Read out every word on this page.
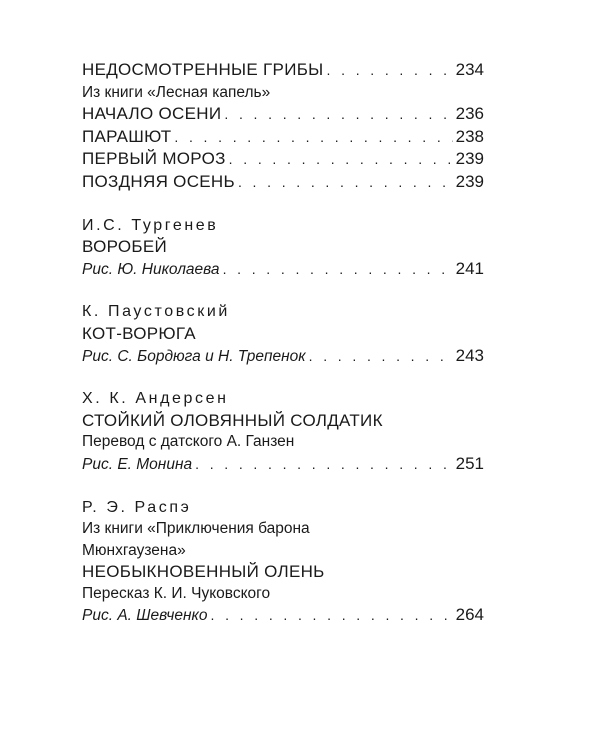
НЕДОСМОТРЕННЫЕ ГРИБЫ . . .	234
Из книги «Лесная капель»
НАЧАЛО ОСЕНИ . . .	236
ПАРАШЮТ . . .	238
ПЕРВЫЙ МОРОЗ . . .	239
ПОЗДНЯЯ ОСЕНЬ . . .	239
И.С. Тургенев
ВОРОБЕЙ
Рис. Ю. Николаева . . .	241
К. Паустовский
КОТ-ВОРЮГА
Рис. С. Бордюга и Н. Трепенок . . .	243
Х. К. Андерсен
СТОЙКИЙ ОЛОВЯННЫЙ СОЛДАТИК
Перевод с датского А. Ганзен
Рис. Е. Монина . . .	251
Р. Э. Распэ
Из книги «Приключения барона
Мюнхгаузена»
НЕОБЫКНОВЕННЫЙ ОЛЕНЬ
Пересказ К. И. Чуковского
Рис. А. Шевченко . . .	264
